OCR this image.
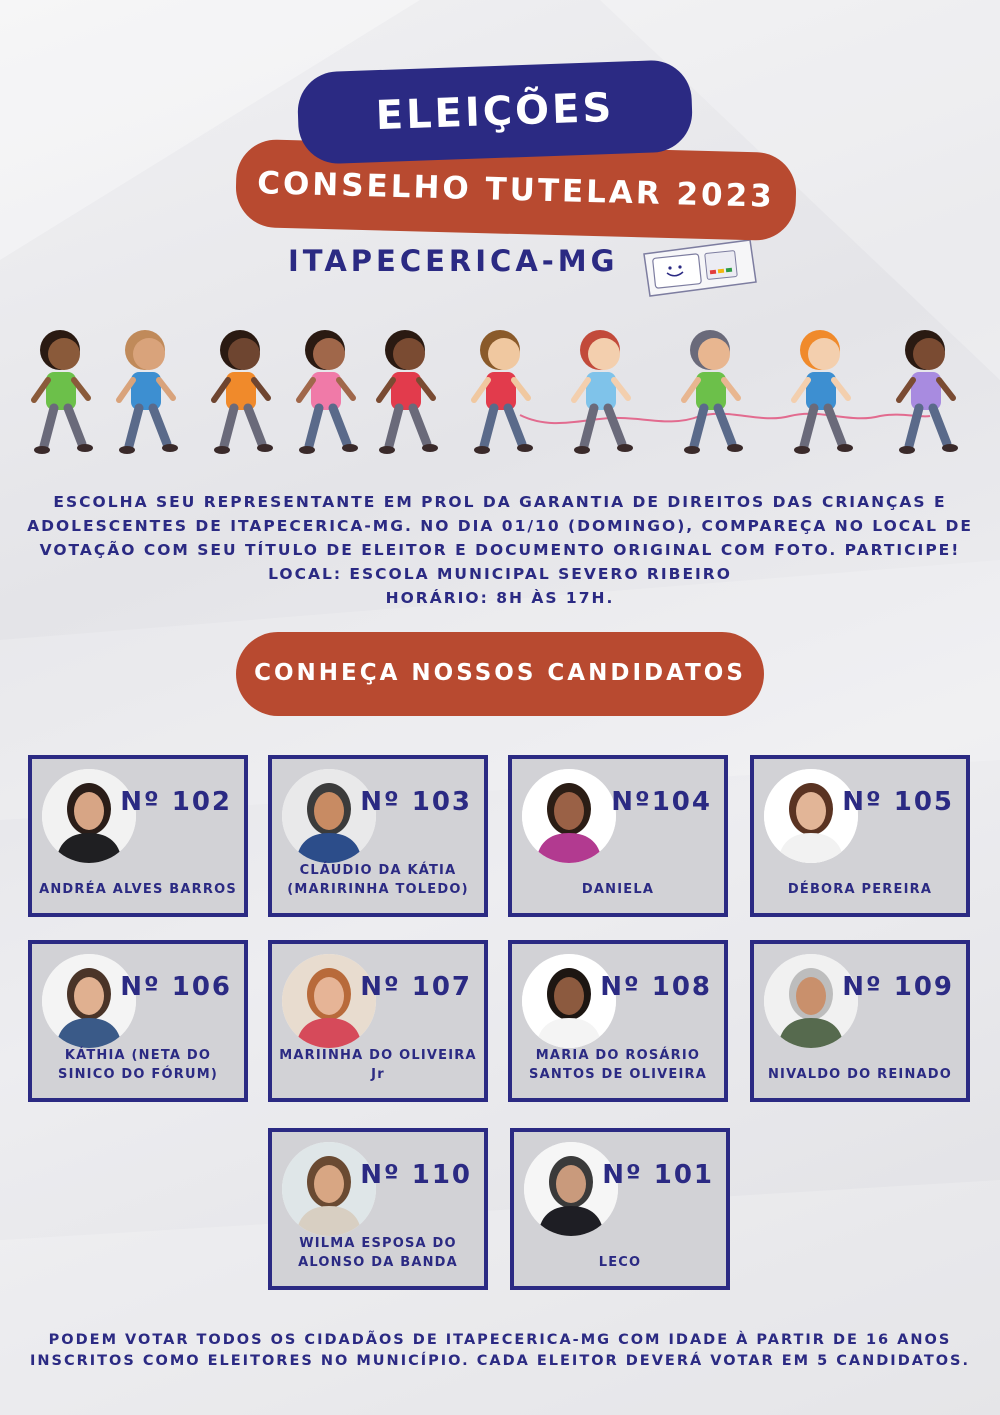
ELEIÇÕES
CONSELHO TUTELAR 2023
ITAPECERICA-MG
ESCOLHA SEU REPRESENTANTE EM PROL DA GARANTIA DE DIREITOS DAS CRIANÇAS E
ADOLESCENTES DE ITAPECERICA-MG. NO DIA 01/10 (DOMINGO), COMPAREÇA NO LOCAL DE
VOTAÇÃO COM SEU TÍTULO DE ELEITOR E DOCUMENTO ORIGINAL COM FOTO. PARTICIPE!
LOCAL: ESCOLA MUNICIPAL SEVERO RIBEIRO
HORÁRIO: 8H ÀS 17H.
CONHEÇA NOSSOS CANDIDATOS
Nº 102
ANDRÉA ALVES BARROS
Nº 103
CLÁUDIO DA KÁTIA
(MARIRINHA TOLEDO)
Nº104
DANIELA
Nº 105
DÉBORA PEREIRA
Nº 106
KÁTHIA (NETA DO
SINICO DO FÓRUM)
Nº 107
MARIINHA DO OLIVEIRA
Jr
Nº 108
MARIA DO ROSÁRIO
SANTOS DE OLIVEIRA
Nº 109
NIVALDO DO REINADO
Nº 110
WILMA ESPOSA DO
ALONSO DA BANDA
Nº 101
LECO
PODEM VOTAR TODOS OS CIDADÃOS DE ITAPECERICA-MG COM IDADE À PARTIR DE 16 ANOS
INSCRITOS COMO ELEITORES NO MUNICÍPIO. CADA ELEITOR DEVERÁ VOTAR EM 5 CANDIDATOS.
